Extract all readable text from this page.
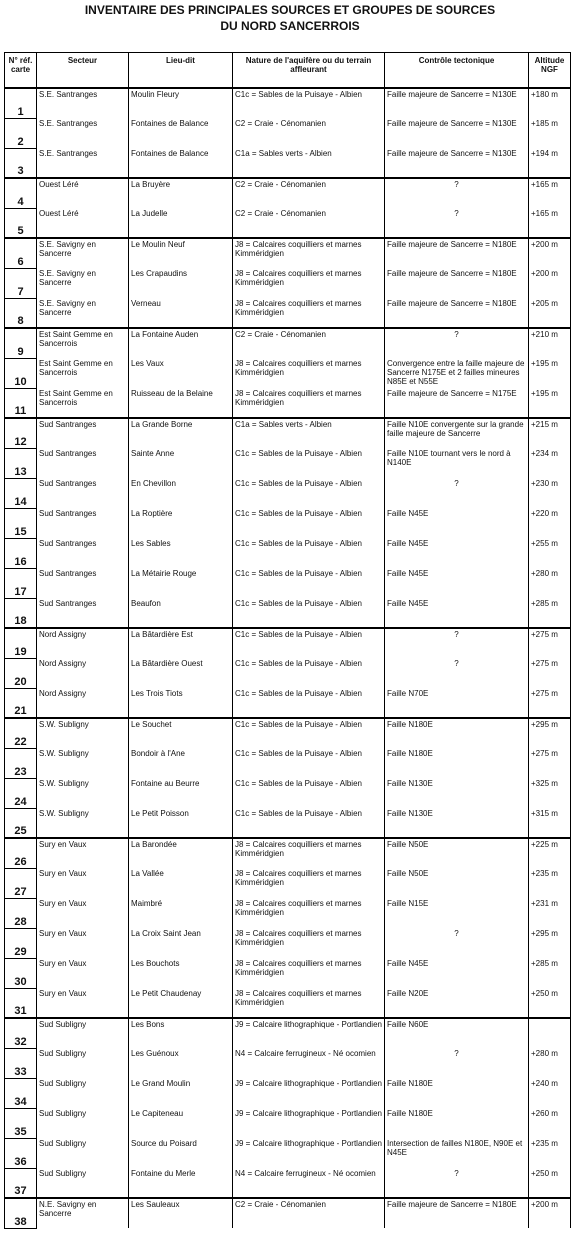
INVENTAIRE DES PRINCIPALES SOURCES ET GROUPES DE SOURCES
DU NORD SANCERROIS
N° réf. carte	Secteur	Lieu-dit	Nature de l'aquifère ou du terrain affleurant	Contrôle tectonique	Altitude NGF
1	S.E. Santranges	Moulin Fleury	C1c = Sables de la Puisaye - Albien	Faille majeure de Sancerre = N130E	+180 m
2	S.E. Santranges	Fontaines de Balance	C2 = Craie - Cénomanien	Faille majeure de Sancerre = N130E	+185 m
3	S.E. Santranges	Fontaines de Balance	C1a = Sables verts - Albien	Faille majeure de Sancerre = N130E	+194 m
4	Ouest Léré	La Bruyère	C2 = Craie - Cénomanien	?	+165 m
5	Ouest Léré	La Judelle	C2 = Craie - Cénomanien	?	+165 m
6	S.E. Savigny en Sancerre	Le Moulin Neuf	J8 = Calcaires coquilliers et marnes Kimméridgien	Faille majeure de Sancerre = N180E	+200 m
7	S.E. Savigny en Sancerre	Les Crapaudins	J8 = Calcaires coquilliers et marnes Kimméridgien	Faille majeure de Sancerre = N180E	+200 m
8	S.E. Savigny en Sancerre	Verneau	J8 = Calcaires coquilliers et marnes Kimméridgien	Faille majeure de Sancerre = N180E	+205 m
9	Est Saint Gemme en Sancerrois	La Fontaine Auden	C2 = Craie - Cénomanien	?	+210 m
10	Est Saint Gemme en Sancerrois	Les Vaux	J8 = Calcaires coquilliers et marnes Kimméridgien	Convergence entre la faille majeure de Sancerre N175E et 2 failles mineures N85E et N55E	+195 m
11	Est Saint Gemme en Sancerrois	Ruisseau de la Belaine	J8 = Calcaires coquilliers et marnes Kimméridgien	Faille majeure de Sancerre = N175E	+195 m
12	Sud Santranges	La Grande Borne	C1a = Sables verts - Albien	Faille N10E convergente sur la grande faille majeure de Sancerre	+215 m
13	Sud Santranges	Sainte Anne	C1c = Sables de la Puisaye - Albien	Faille N10E tournant vers le nord à N140E	+234 m
14	Sud Santranges	En Chevillon	C1c = Sables de la Puisaye - Albien	?	+230 m
15	Sud Santranges	La Roptière	C1c = Sables de la Puisaye - Albien	Faille N45E	+220 m
16	Sud Santranges	Les Sables	C1c = Sables de la Puisaye - Albien	Faille N45E	+255 m
17	Sud Santranges	La Métairie Rouge	C1c = Sables de la Puisaye - Albien	Faille N45E	+280 m
18	Sud Santranges	Beaufon	C1c = Sables de la Puisaye - Albien	Faille N45E	+285 m
19	Nord Assigny	La Bâtardière Est	C1c = Sables de la Puisaye - Albien	?	+275 m
20	Nord Assigny	La Bâtardière Ouest	C1c = Sables de la Puisaye - Albien	?	+275 m
21	Nord Assigny	Les Trois Tiots	C1c = Sables de la Puisaye - Albien	Faille N70E	+275 m
22	S.W. Subligny	Le Souchet	C1c = Sables de la Puisaye - Albien	Faille N180E	+295 m
23	S.W. Subligny	Bondoir à l'Ane	C1c = Sables de la Puisaye - Albien	Faille N180E	+275 m
24	S.W. Subligny	Fontaine au Beurre	C1c = Sables de la Puisaye - Albien	Faille N130E	+325 m
25	S.W. Subligny	Le Petit Poisson	C1c = Sables de la Puisaye - Albien	Faille N130E	+315 m
26	Sury en Vaux	La Barondée	J8 = Calcaires coquilliers et marnes Kimméridgien	Faille N50E	+225 m
27	Sury en Vaux	La Vallée	J8 = Calcaires coquilliers et marnes Kimméridgien	Faille N50E	+235 m
28	Sury en Vaux	Maimbré	J8 = Calcaires coquilliers et marnes Kimméridgien	Faille N15E	+231 m
29	Sury en Vaux	La Croix Saint Jean	J8 = Calcaires coquilliers et marnes Kimméridgien	?	+295 m
30	Sury en Vaux	Les Bouchots	J8 = Calcaires coquilliers et marnes Kimméridgien	Faille N45E	+285 m
31	Sury en Vaux	Le Petit Chaudenay	J8 = Calcaires coquilliers et marnes Kimméridgien	Faille N20E	+250 m
32	Sud Subligny	Les Bons	J9 = Calcaire lithographique - Portlandien	Faille N60E	
33	Sud Subligny	Les Guénoux	N4 = Calcaire ferrugineux - Né ocomien	?	+280 m
34	Sud Subligny	Le Grand Moulin	J9 = Calcaire lithographique - Portlandien	Faille N180E	+240 m
35	Sud Subligny	Le Capiteneau	J9 = Calcaire lithographique - Portlandien	Faille N180E	+260 m
36	Sud Subligny	Source du Poisard	J9 = Calcaire lithographique - Portlandien	Intersection de failles N180E, N90E et N45E	+235 m
37	Sud Subligny	Fontaine du Merle	N4 = Calcaire ferrugineux - Né ocomien	?	+250 m
38	N.E. Savigny en Sancerre	Les Sauleaux	C2 = Craie - Cénomanien	Faille majeure de Sancerre = N180E	+200 m
